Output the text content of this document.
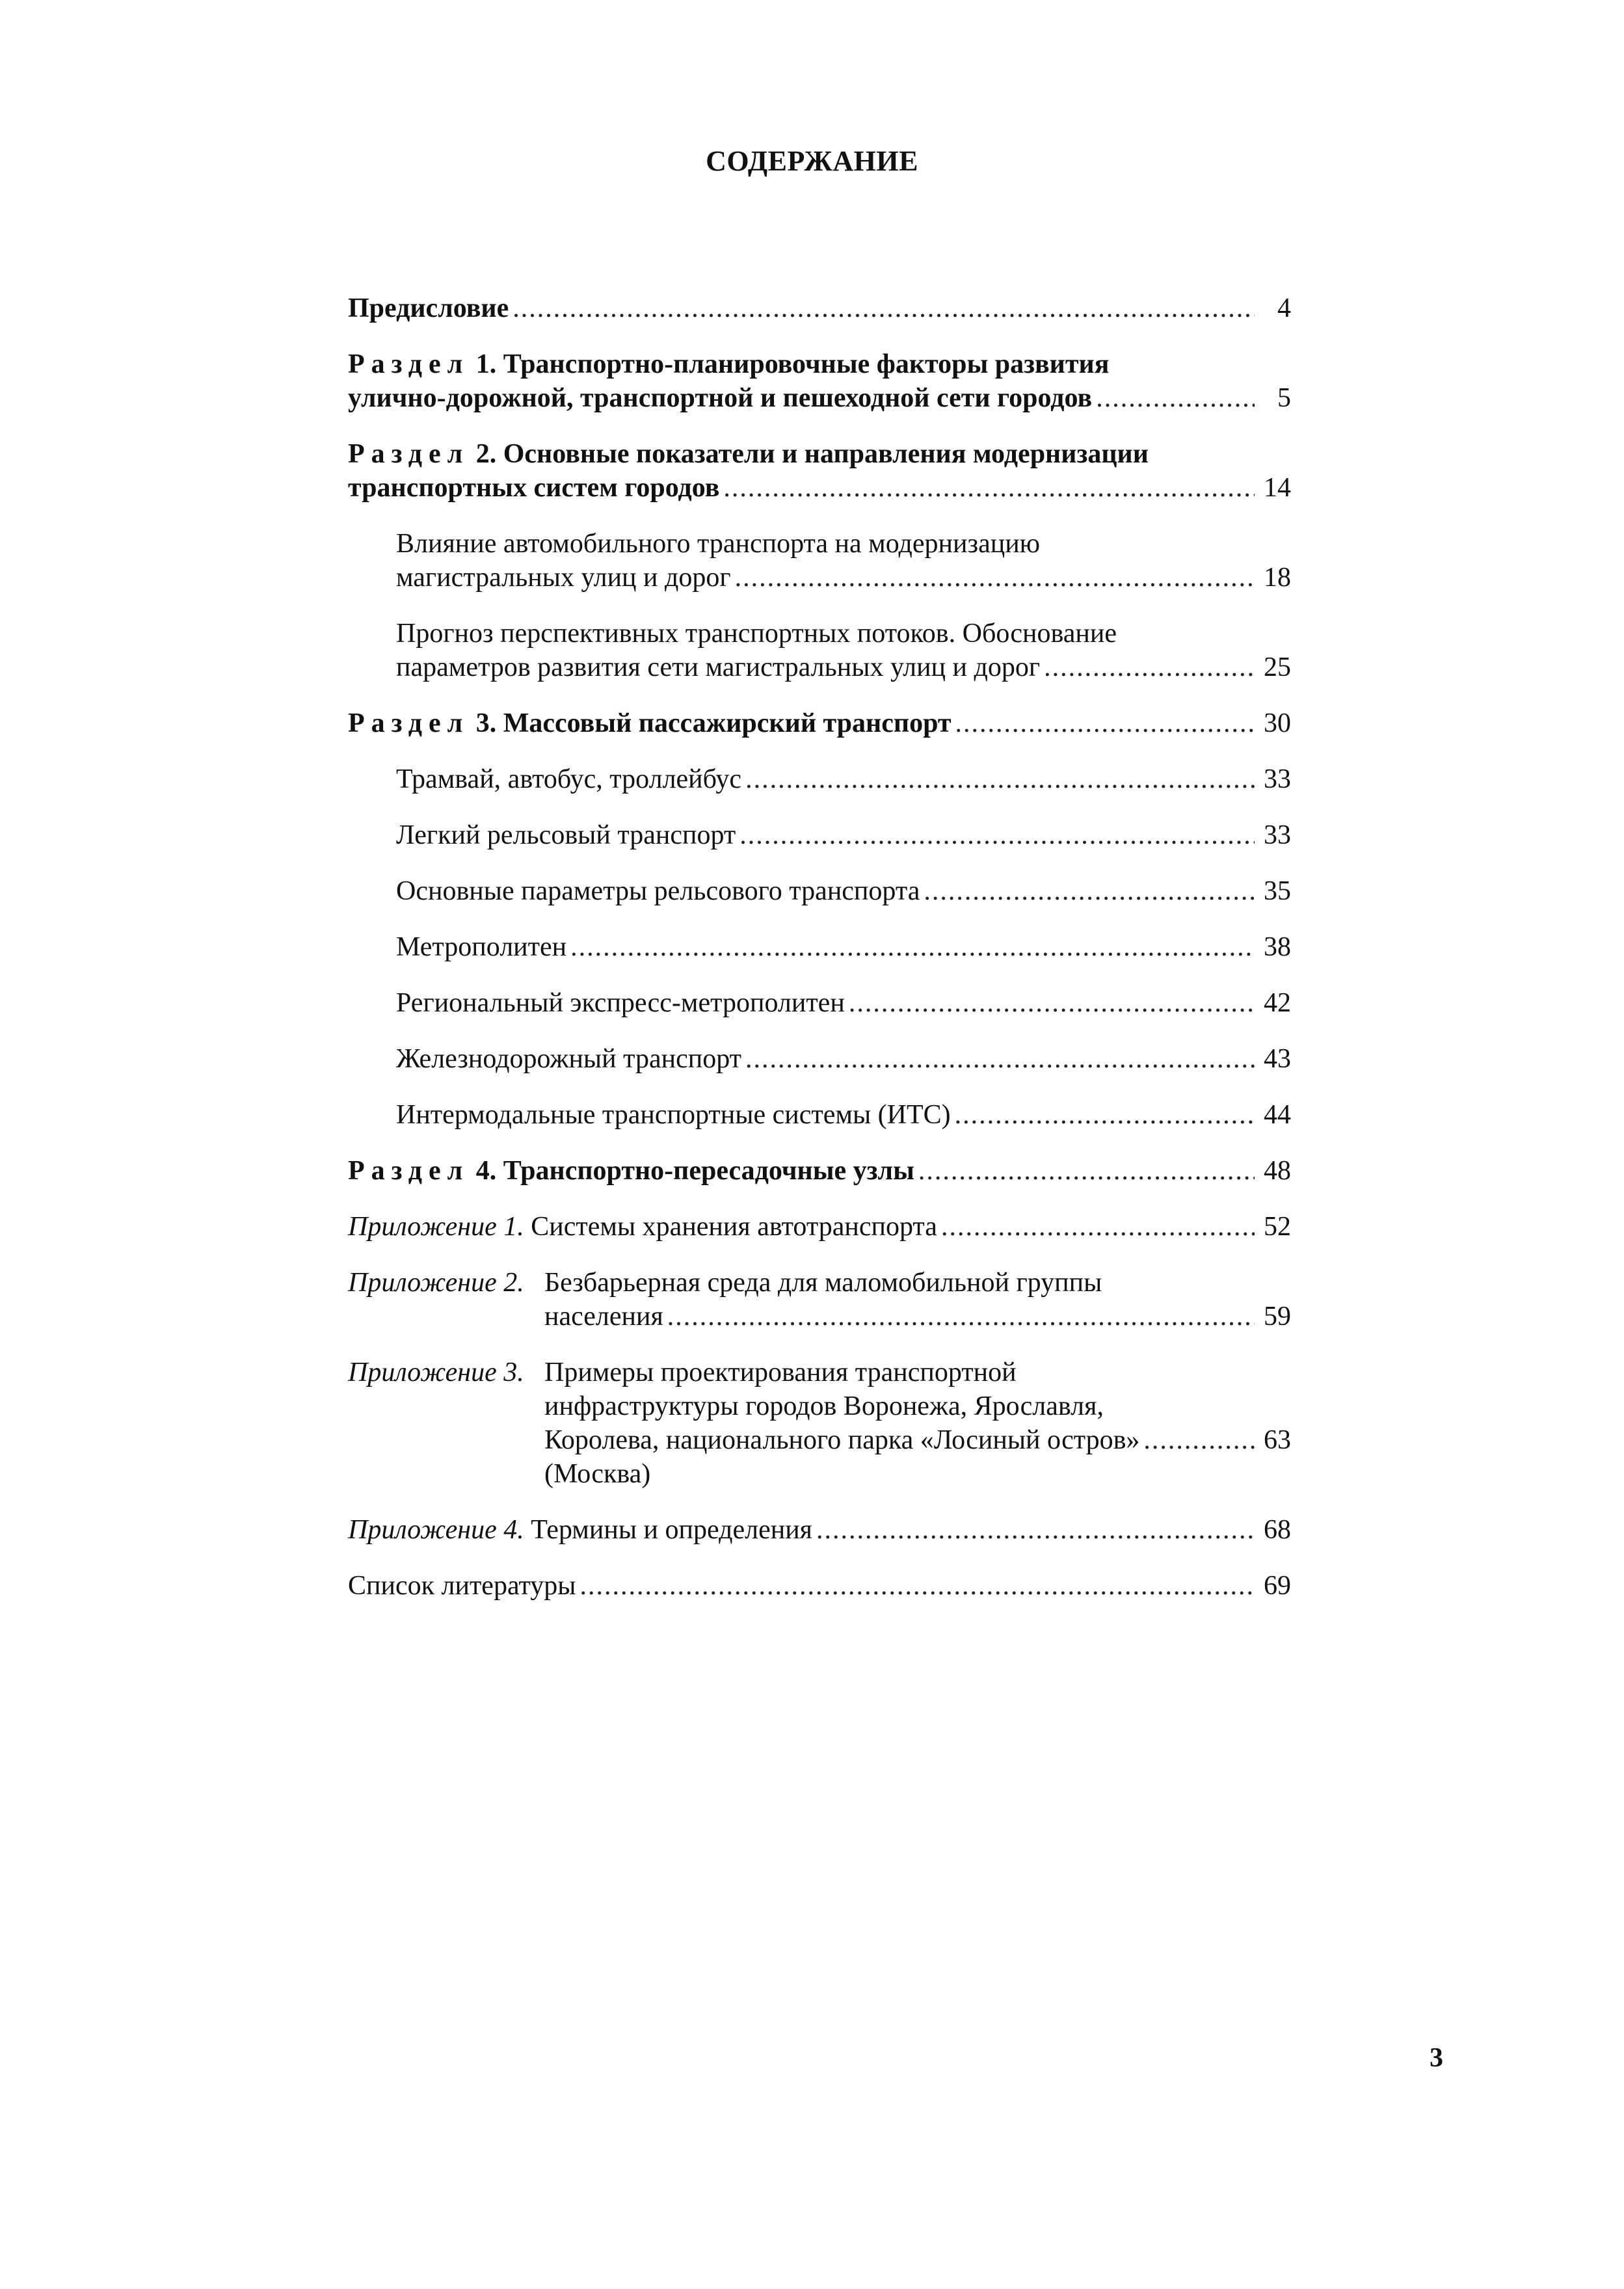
СОДЕРЖАНИЕ
Предисловие .....	4
Раздел 1. Транспортно-планировочные факторы развития
улично-дорожной, транспортной и пешеходной сети городов .....	5
Раздел 2. Основные показатели и направления модернизации
транспортных систем городов .....	14
Влияние автомобильного транспорта на модернизацию
магистральных улиц и дорог .....	18
Прогноз перспективных транспортных потоков. Обоснование
параметров развития сети магистральных улиц и дорог .....	25
Раздел 3. Массовый пассажирский транспорт .....	30
Трамвай, автобус, троллейбус .....	33
Легкий рельсовый транспорт .....	33
Основные параметры рельсового транспорта .....	35
Метрополитен .....	38
Региональный экспресс-метрополитен .....	42
Железнодорожный транспорт .....	43
Интермодальные транспортные системы (ИТС) .....	44
Раздел 4. Транспортно-пересадочные узлы .....	48
Приложение 1. Системы хранения автотранспорта .....	52
Приложение 2. Безбарьерная среда для маломобильной группы
населения .....	59
Приложение 3. Примеры проектирования транспортной
инфраструктуры городов Воронежа, Ярославля,
Королева, национального парка «Лосиный остров» .....	63
(Москва)
Приложение 4. Термины и определения .....	68
Список литературы .....	69
3
